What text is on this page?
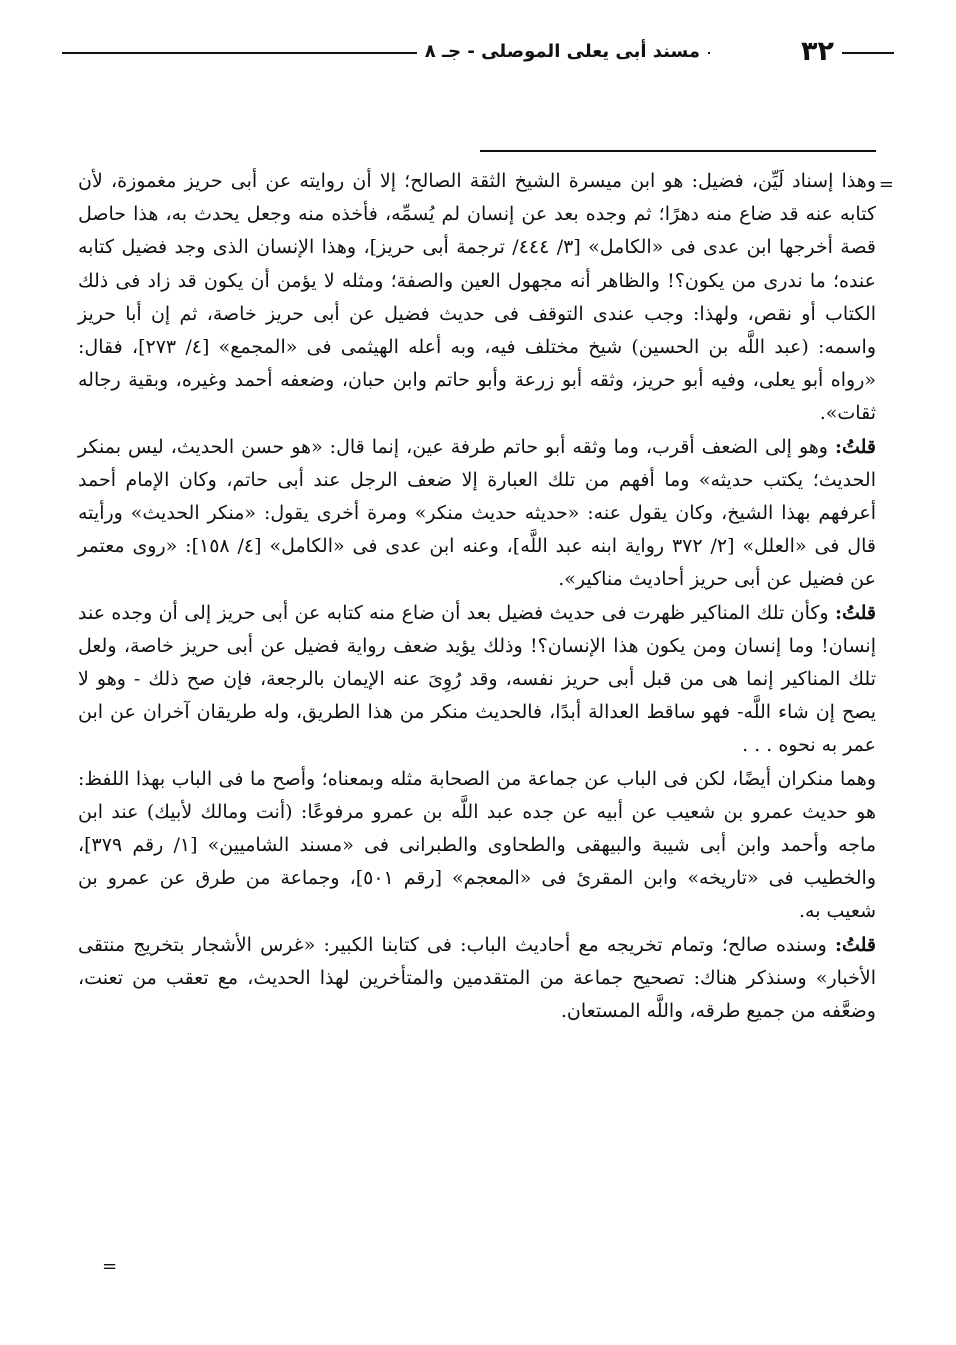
٣٢
مسند أبى يعلى الموصلى - جـ ٨
=

وهذا إسناد لَيِّن، فضيل: هو ابن ميسرة الشيخ الثقة الصالح؛ إلا أن روايته عن أبى حريز مغموزة، لأن كتابه عنه قد ضاع منه دهرًا؛ ثم وجده بعد عن إنسان لم يُسمِّه، فأخذه منه وجعل يحدث به، هذا حاصل قصة أخرجها ابن عدى فى «الكامل» [٣/ ٤٤٤/ ترجمة أبى حريز]، وهذا الإنسان الذى وجد فضيل كتابه عنده؛ ما ندرى من يكون؟! والظاهر أنه مجهول العين والصفة؛ ومثله لا يؤمن أن يكون قد زاد فى ذلك الكتاب أو نقص، ولهذا: وجب عندى التوقف فى حديث فضيل عن أبى حريز خاصة، ثم إن أبا حريز واسمه: (عبد اللَّه بن الحسين) شيخ مختلف فيه، وبه أعله الهيثمى فى «المجمع» [٤/ ٢٧٣]، فقال: «رواه أبو يعلى، وفيه أبو حريز، وثقه أبو زرعة وأبو حاتم وابن حبان، وضعفه أحمد وغيره، وبقية رجاله ثقات».

قلتُ: وهو إلى الضعف أقرب، وما وثقه أبو حاتم طرفة عين، إنما قال: «هو حسن الحديث، ليس بمنكر الحديث؛ يكتب حديثه» وما أفهم من تلك العبارة إلا ضعف الرجل عند أبى حاتم، وكان الإمام أحمد أعرفهم بهذا الشيخ، وكان يقول عنه: «حديثه حديث منكر» ومرة أخرى يقول: «منكر الحديث» ورأيته قال فى «العلل» [٢/ ٣٧٢ رواية ابنه عبد اللَّه]، وعنه ابن عدى فى «الكامل» [٤/ ١٥٨]: «روى معتمر عن فضيل عن أبى حريز أحاديث مناكير».

قلتُ: وكأن تلك المناكير ظهرت فى حديث فضيل بعد أن ضاع منه كتابه عن أبى حريز إلى أن وجده عند إنسان! وما إنسان ومن يكون هذا الإنسان؟! وذلك يؤيد ضعف رواية فضيل عن أبى حريز خاصة، ولعل تلك المناكير إنما هى من قبل أبى حريز نفسه، وقد رُوِىَ عنه الإيمان بالرجعة، فإن صح ذلك - وهو لا يصح إن شاء اللَّه- فهو ساقط العدالة أبدًا، فالحديث منكر من هذا الطريق، وله طريقان آخران عن ابن عمر به نحوه . . .

وهما منكران أيضًا، لكن فى الباب عن جماعة من الصحابة مثله وبمعناه؛ وأصح ما فى الباب بهذا اللفظ: هو حديث عمرو بن شعيب عن أبيه عن جده عبد اللَّه بن عمرو مرفوعًا: (أنت ومالك لأبيك) عند ابن ماجه وأحمد وابن أبى شيبة والبيهقى والطحاوى والطبرانى فى «مسند الشاميين» [١/ رقم ٣٧٩]، والخطيب فى «تاريخه» وابن المقرئ فى «المعجم» [رقم ٥٠١]، وجماعة من طرق عن عمرو بن شعيب به.

قلتُ: وسنده صالح؛ وتمام تخريجه مع أحاديث الباب: فى كتابنا الكبير: «غرس الأشجار بتخريج منتقى الأخبار» وسنذكر هناك: تصحيح جماعة من المتقدمين والمتأخرين لهذا الحديث، مع تعقب من تعنت، وضعَّفه من جميع طرقه، واللَّه المستعان.

=
